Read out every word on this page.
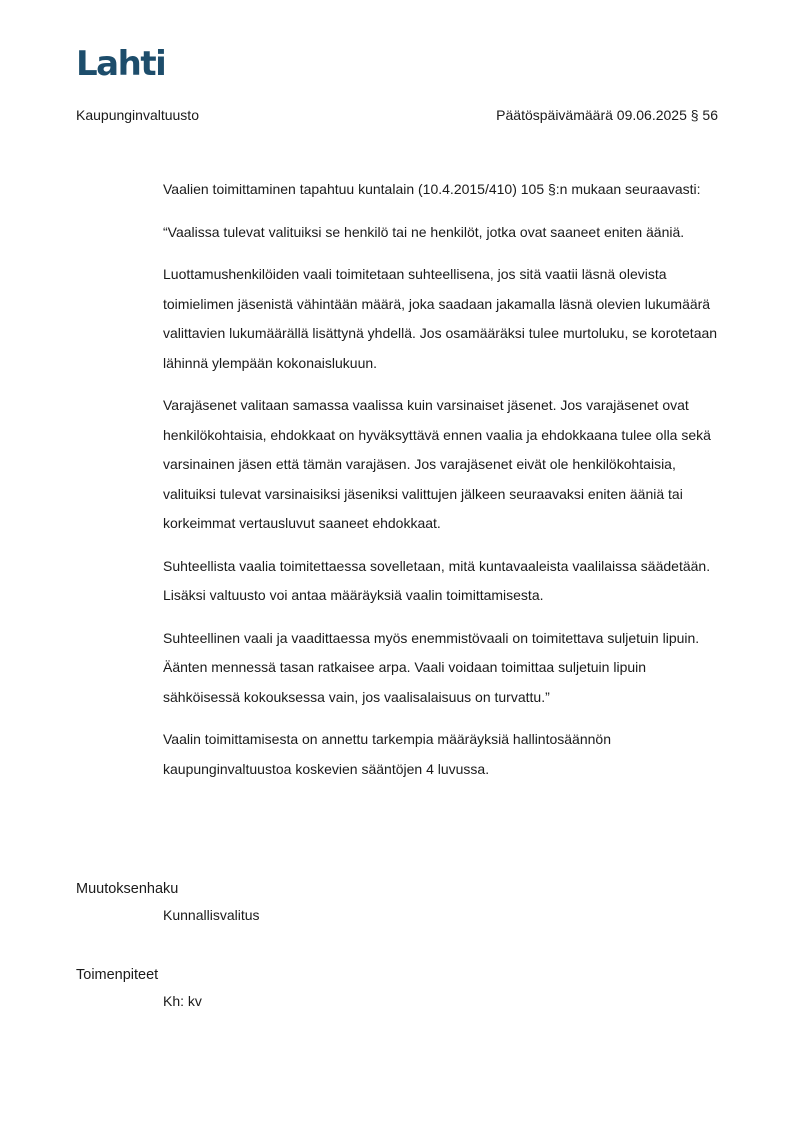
Lahti
Kaupunginvaltuusto	Päätöspäivämäärä 09.06.2025 § 56

Vaalien toimittaminen tapahtuu kuntalain (10.4.2015/410) 105 §:n mukaan seuraavasti:

“Vaalissa tulevat valituiksi se henkilö tai ne henkilöt, jotka ovat saaneet eniten ääniä.

Luottamushenkilöiden vaali toimitetaan suhteellisena, jos sitä vaatii läsnä olevista toimielimen jäsenistä vähintään määrä, joka saadaan jakamalla läsnä olevien lukumäärä valittavien lukumäärällä lisättynä yhdellä. Jos osamääräksi tulee murtoluku, se korotetaan lähinnä ylempään kokonaislukuun.

Varajäsenet valitaan samassa vaalissa kuin varsinaiset jäsenet. Jos varajäsenet ovat henkilökohtaisia, ehdokkaat on hyväksyttävä ennen vaalia ja ehdokkaana tulee olla sekä varsinainen jäsen että tämän varajäsen. Jos varajäsenet eivät ole henkilökohtaisia, valituiksi tulevat varsinaisiksi jäseniksi valittujen jälkeen seuraavaksi eniten ääniä tai korkeimmat vertausluvut saaneet ehdokkaat.

Suhteellista vaalia toimitettaessa sovelletaan, mitä kuntavaaleista vaalilaissa säädetään. Lisäksi valtuusto voi antaa määräyksiä vaalin toimittamisesta.

Suhteellinen vaali ja vaadittaessa myös enemmistövaali on toimitettava suljetuin lipuin. Äänten mennessä tasan ratkaisee arpa. Vaali voidaan toimittaa suljetuin lipuin sähköisessä kokouksessa vain, jos vaalisalaisuus on turvattu.”

Vaalin toimittamisesta on annettu tarkempia määräyksiä hallintosäännön kaupunginvaltuustoa koskevien sääntöjen 4 luvussa.

Muutoksenhaku
Kunnallisvalitus
Toimenpiteet
Kh: kv
